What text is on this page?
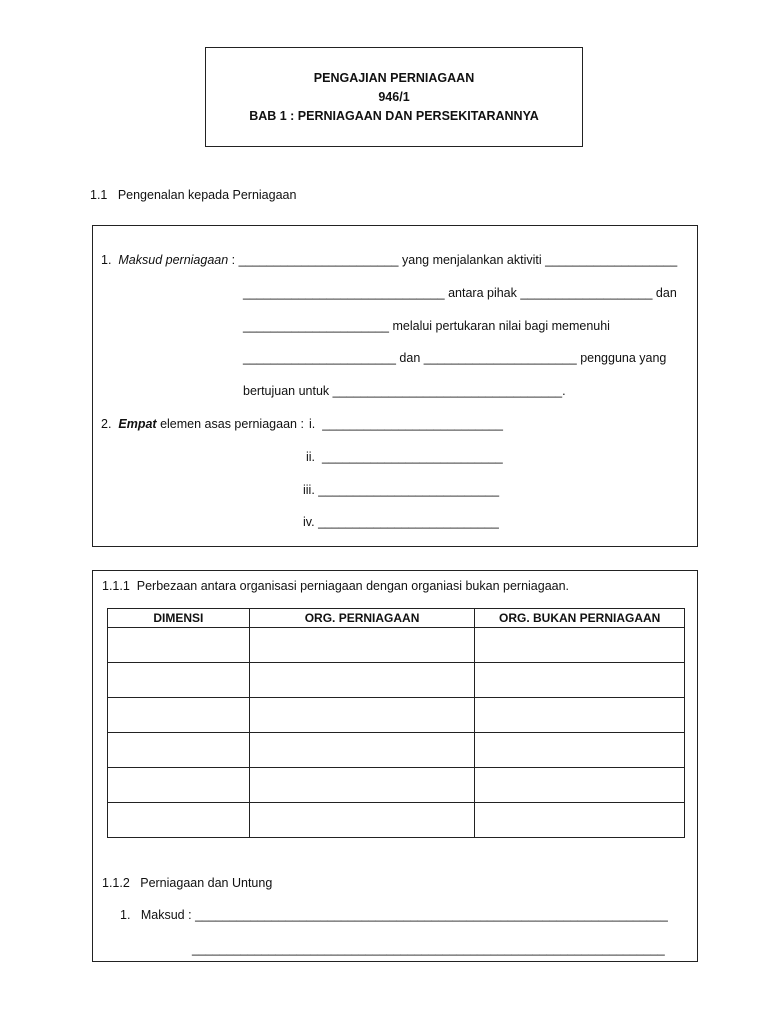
PENGAJIAN PERNIAGAAN
946/1
BAB 1 : PERNIAGAAN DAN PERSEKITARANNYA
1.1 Pengenalan kepada Perniagaan
1. Maksud perniagaan : _______________________ yang menjalankan aktiviti ___________________
_____________________________ antara pihak ___________________ dan
_____________________ melalui pertukaran nilai bagi memenuhi
______________________ dan ______________________ pengguna yang
bertujuan untuk _________________________________.
2. Empat elemen asas perniagaan : i. __________________________
ii. __________________________
iii. __________________________
iv. __________________________
1.1.1 Perbezaan antara organisasi perniagaan dengan organiasi bukan perniagaan.
DIMENSI	ORG. PERNIAGAAN	ORG. BUKAN PERNIAGAAN

1.1.2 Perniagaan dan Untung
1. Maksud : ____________________________________________________________________
____________________________________________________________________
